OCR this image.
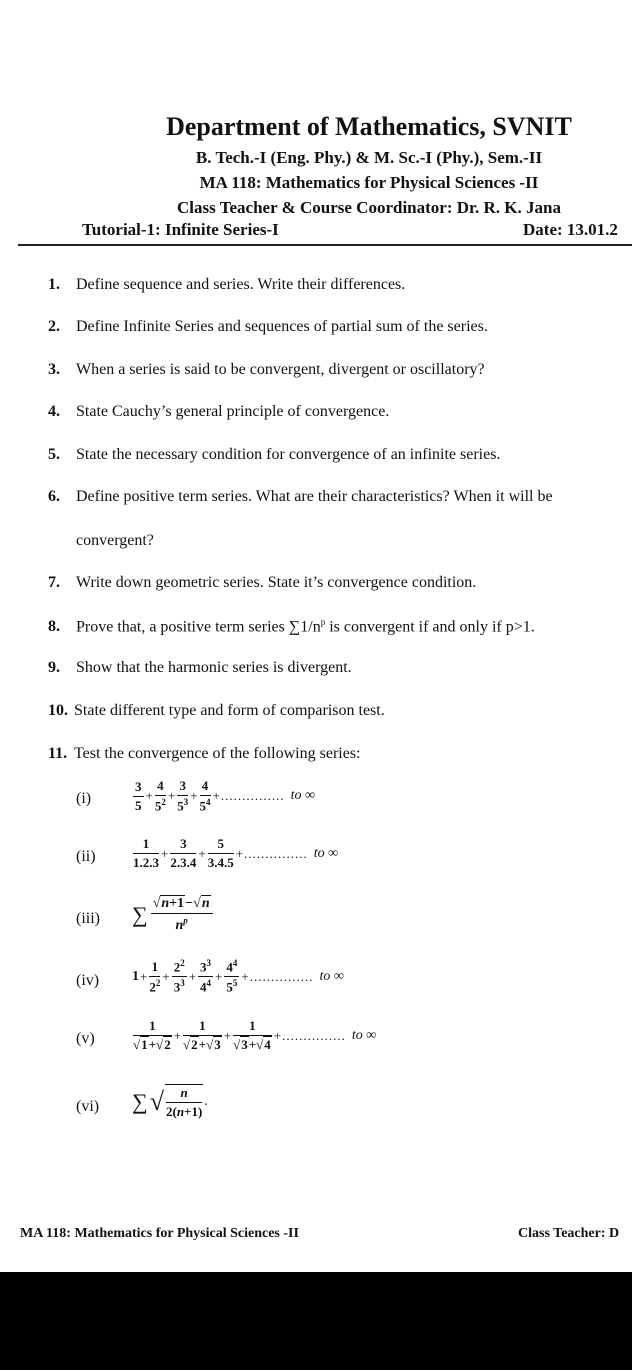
Department of Mathematics, SVNIT
B. Tech.-I (Eng. Phy.) & M. Sc.-I (Phy.), Sem.-II
MA 118: Mathematics for Physical Sciences -II
Class Teacher & Course Coordinator: Dr. R. K. Jana
Tutorial-1: Infinite Series-I	Date: 13.01.2
1. Define sequence and series. Write their differences.
2. Define Infinite Series and sequences of partial sum of the series.
3. When a series is said to be convergent, divergent or oscillatory?
4. State Cauchy’s general principle of convergence.
5. State the necessary condition for convergence of an infinite series.
6. Define positive term series. What are their characteristics? When it will be
convergent?
7. Write down geometric series. State it’s convergence condition.
8. Prove that, a positive term series $\sum 1/n^p$ is convergent if and only if p>1.
9. Show that the harmonic series is divergent.
10. State different type and form of comparison test.
11. Test the convergence of the following series:
(i)	$\frac{3}{5} + \frac{4}{5^2} + \frac{3}{5^3} + \frac{4}{5^4}$ + ............... to ∞
(ii)	$\frac{1}{1.2.3} + \frac{3}{2.3.4} + \frac{5}{3.4.5}$ + ............... to ∞
(iii) ∑ $\frac{√n+1-√n}{n^p}$
(iv) $1 + \frac{1}{2^2} + \frac{2^2}{3^3} + \frac{3^3}{4^4} + \frac{4^4}{5^5}$ + ............... to ∞
(v)	$\frac{1}{√1+√2} + \frac{1}{√2+√3} + \frac{1}{√3+√4}$ + ............... to ∞
(vi) ∑ √ $\frac{n}{2(n+1)}$ .
MA 118: Mathematics for Physical Sciences -II	Class Teacher: D
